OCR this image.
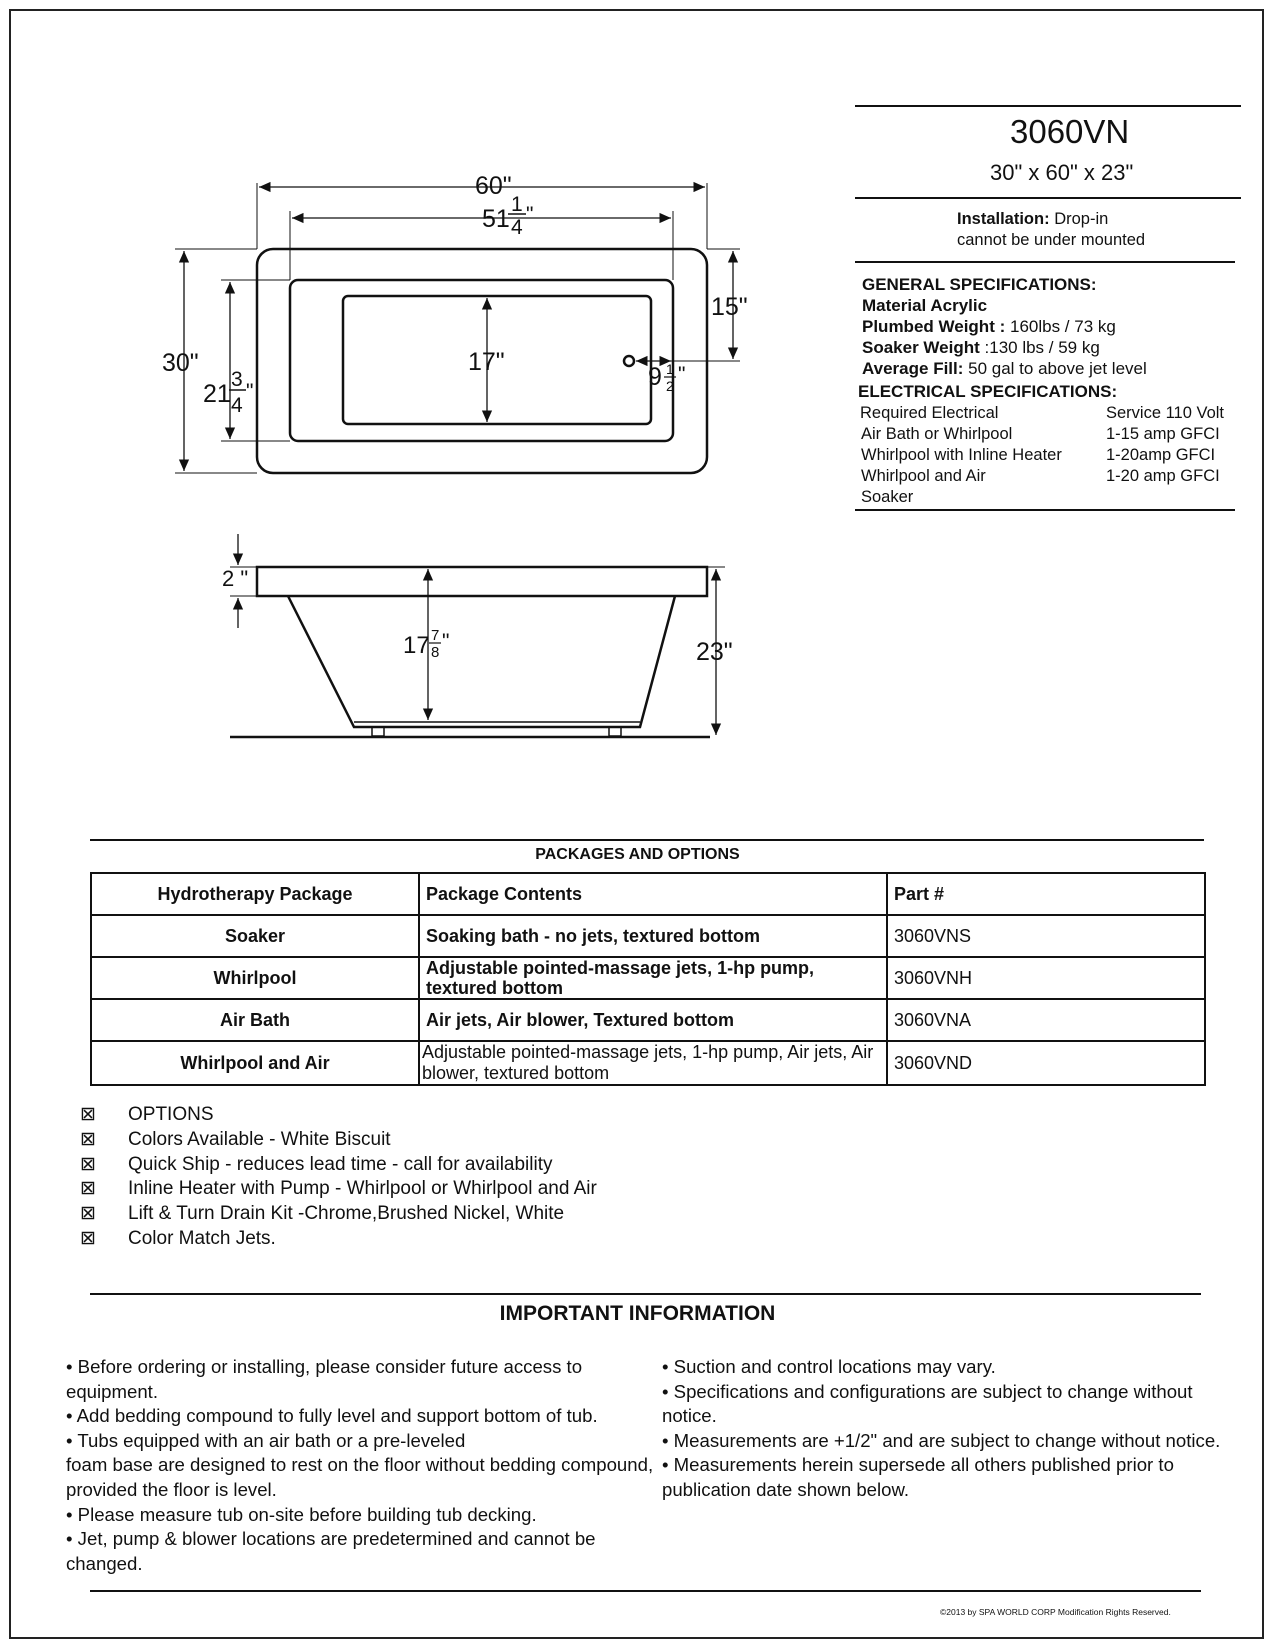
3060VN
30" x 60" x 23"
Installation: Drop-in
cannot be under mounted
GENERAL SPECIFICATIONS:
Material Acrylic
Plumbed Weight : 160lbs / 73 kg
Soaker Weight :130 lbs / 59 kg
Average Fill: 50 gal to above jet level
ELECTRICAL SPECIFICATIONS:
Required Electrical	Service 110 Volt
Air Bath or Whirlpool	1-15 amp GFCI
Whirlpool with Inline Heater	1-20amp GFCI
Whirlpool and Air	1-20 amp GFCI
Soaker
60"
51
1
4
"
30"
21
3
4
"
17"
15"
9 1
2 "
2 "
17 7
8 "	23"
PACKAGES AND OPTIONS
Hydrotherapy Package	Package Contents	Part #
Soaker	Soaking bath - no jets, textured bottom	3060VNS
Whirlpool	Adjustable pointed-massage jets, 1-hp pump, textured bottom	3060VNH
Air Bath	Air jets, Air blower, Textured bottom	3060VNA
Whirlpool and Air	Adjustable pointed-massage jets, 1-hp pump, Air jets, Air blower, textured bottom	3060VND
⊠	OPTIONS
⊠	Colors Available - White Biscuit
⊠	Quick Ship - reduces lead time - call for availability
⊠	Inline Heater with Pump - Whirlpool or Whirlpool and Air
⊠	Lift & Turn Drain Kit -Chrome,Brushed Nickel, White
⊠	Color Match Jets.
IMPORTANT INFORMATION
• Before ordering or installing, please consider future access to equipment.
• Add bedding compound to fully level and support bottom of tub.
• Tubs equipped with an air bath or a pre-leveled
foam base are designed to rest on the floor without bedding compound, provided the floor is level.
• Please measure tub on-site before building tub decking.
• Jet, pump & blower locations are predetermined and cannot be changed.
• Suction and control locations may vary.
• Specifications and configurations are subject to change without notice.
• Measurements are +1/2" and are subject to change without notice.
• Measurements herein supersede all others published prior to publication date shown below.
©2013 by SPA WORLD CORP Modification Rights Reserved.
